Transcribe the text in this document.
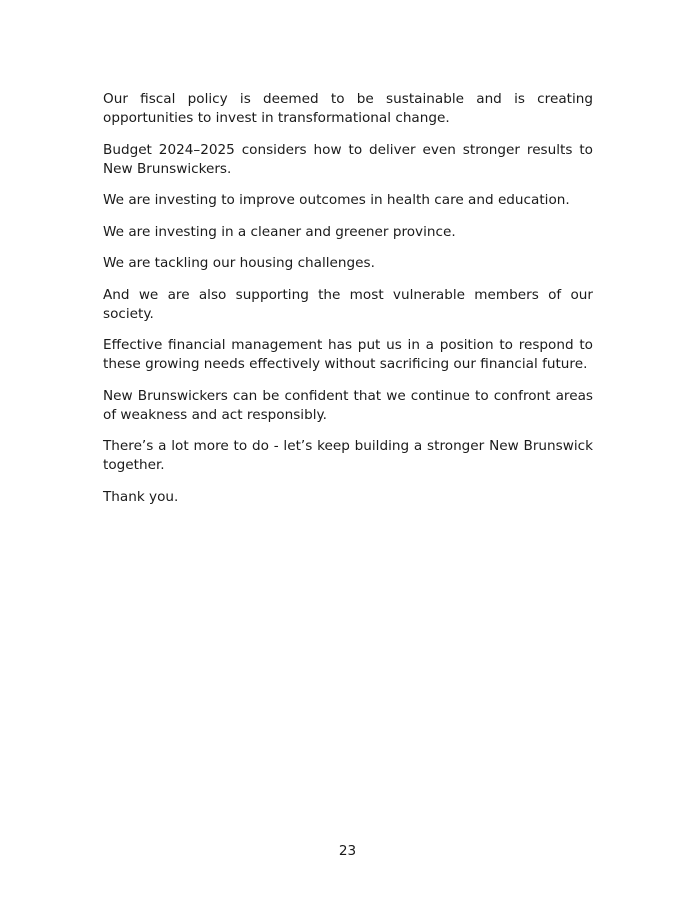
Our fiscal policy is deemed to be sustainable and is creating opportunities to invest in transformational change.

Budget 2024–2025 considers how to deliver even stronger results to New Brunswickers.

We are investing to improve outcomes in health care and education.

We are investing in a cleaner and greener province.

We are tackling our housing challenges.

And we are also supporting the most vulnerable members of our society.

Effective financial management has put us in a position to respond to these growing needs effectively without sacrificing our financial future.

New Brunswickers can be confident that we continue to confront areas of weakness and act responsibly.

There’s a lot more to do - let’s keep building a stronger New Brunswick together.

Thank you.

23
